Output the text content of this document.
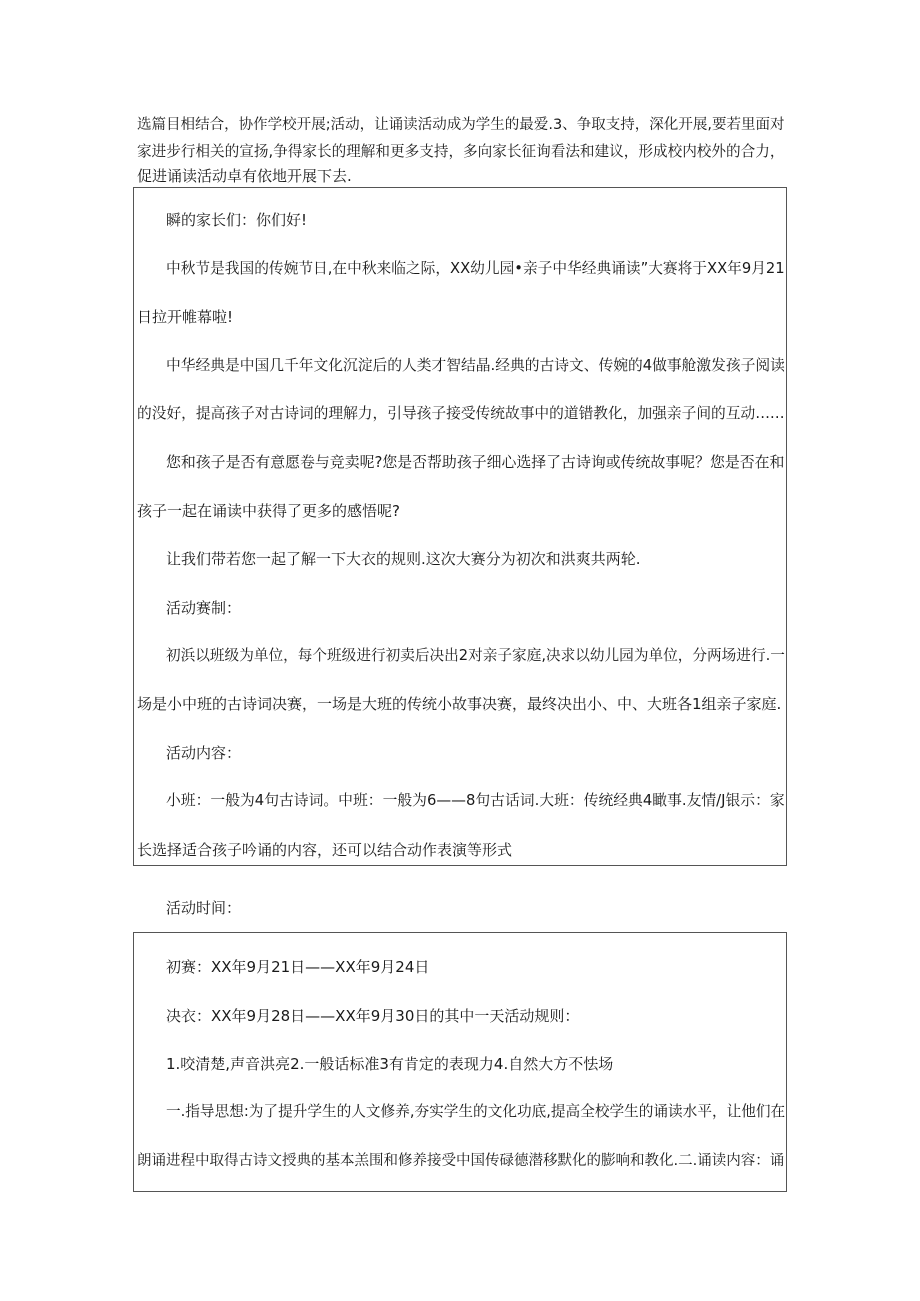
选篇目相结合，协作学校开展;活动，让诵读活动成为学生的最爱.3、争取支持，深化开展,要若里面对
家进步行相关的宣扬,争得家长的理解和更多支持，多向家长征询看法和建议，形成校内校外的合力，
促进诵读活动卓有依地开展下去.
瞬的家长们：你们好!
中秋节是我国的传婉节日,在中秋来临之际，XX幼儿园•亲子中华经典诵读”大赛将于XX年9月21
日拉开帷幕啦!
中华经典是中国几千年文化沉淀后的人类才智结晶.经典的古诗文、传婉的4做事舱激发孩子阅读
的没好，提高孩子对古诗词的理解力，引导孩子接受传统故事中的道错教化，加强亲子间的互动……
您和孩子是否有意愿卷与竞卖呢?您是否帮助孩子细心选择了古诗询或传统故事呢？您是否在和
孩子一起在诵读中获得了更多的感悟呢?
让我们带若您一起了解一下大衣的规则.这次大赛分为初次和洪爽共两轮.
活动赛制：
初浜以班级为单位，每个班级进行初卖后决出2对亲子家庭,决求以幼儿园为单位，分两场进行.一
场是小中班的古诗词决赛，一场是大班的传统小故事决赛，最终决出小、中、大班各1组亲子家庭.
活动内容：
小班：一般为4句古诗词。中班：一般为6——8句古话词.大班：传统经典4瞰事.友情/J银示：家
长选择适合孩子吟诵的内容，还可以结合动作表演等形式
活动时间：
初赛：XX年9月21日——XX年9月24日
决衣：XX年9月28日——XX年9月30日的其中一天活动规则：
1.咬清楚,声音洪亮2.一般话标准3有肯定的表现力4.自然大方不怯场
一.指导思想:为了提升学生的人文修养,夯实学生的文化功底,提高全校学生的诵读水平，让他们在
朗诵进程中取得古诗文授典的基本羔围和修养接受中国传碌德潜移默化的膨响和教化.二.诵读内容：诵
